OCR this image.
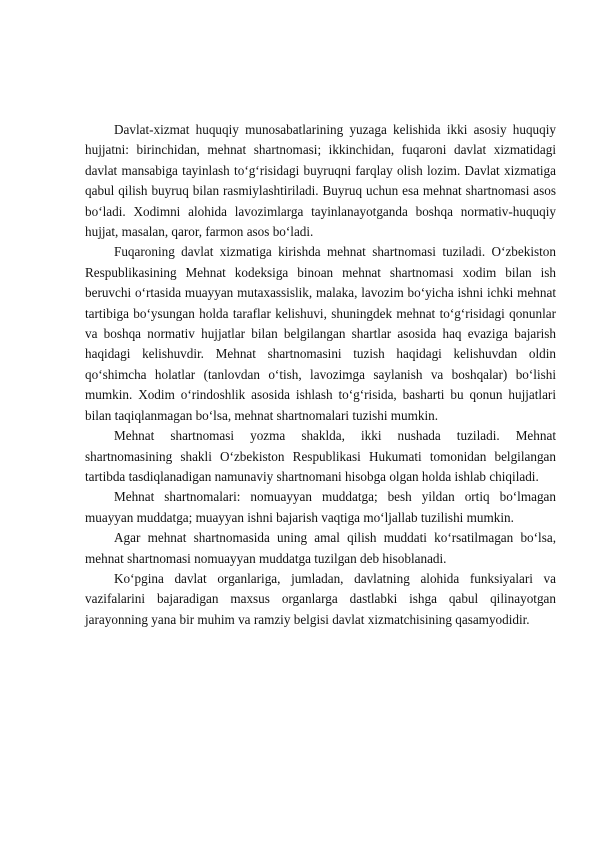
Davlat-xizmat huquqiy munosabatlarining yuzaga kelishida ikki asosiy huquqiy hujjatni: birinchidan, mehnat shartnomasi; ikkinchidan, fuqaroni davlat xizmatidagi davlat mansabiga tayinlash to‘g‘risidagi buyruqni farqlay olish lozim. Davlat xizmatiga qabul qilish buyruq bilan rasmiylashtiriladi. Buyruq uchun esa mehnat shartnomasi asos bo‘ladi. Xodimni alohida lavozimlarga tayinlanayotganda boshqa normativ-huquqiy hujjat, masalan, qaror, farmon asos bo‘ladi.

Fuqaroning davlat xizmatiga kirishda mehnat shartnomasi tuziladi. O‘zbekiston Respublikasining Mehnat kodeksiga binoan mehnat shartnomasi xodim bilan ish beruvchi o‘rtasida muayyan mutaxassislik, malaka, lavozim bo‘yicha ishni ichki mehnat tartibiga bo‘ysungan holda taraflar kelishuvi, shuningdek mehnat to‘g‘risidagi qonunlar va boshqa normativ hujjatlar bilan belgilangan shartlar asosida haq evaziga bajarish haqidagi kelishuvdir. Mehnat shartnomasini tuzish haqidagi kelishuvdan oldin qo‘shimcha holatlar (tanlovdan o‘tish, lavozimga saylanish va boshqalar) bo‘lishi mumkin. Xodim o‘rindoshlik asosida ishlash to‘g‘risida, basharti bu qonun hujjatlari bilan taqiqlanmagan bo‘lsa, mehnat shartnomalari tuzishi mumkin.

Mehnat shartnomasi yozma shaklda, ikki nushada tuziladi. Mehnat shartnomasining shakli O‘zbekiston Respublikasi Hukumati tomonidan belgilangan tartibda tasdiqlanadigan namunaviy shartnomani hisobga olgan holda ishlab chiqiladi.

Mehnat shartnomalari: nomuayyan muddatga; besh yildan ortiq bo‘lmagan muayyan muddatga; muayyan ishni bajarish vaqtiga mo‘ljallab tuzilishi mumkin.

Agar mehnat shartnomasida uning amal qilish muddati ko‘rsatilmagan bo‘lsa, mehnat shartnomasi nomuayyan muddatga tuzilgan deb hisoblanadi.

Ko‘pgina davlat organlariga, jumladan, davlatning alohida funksiyalari va vazifalarini bajaradigan maxsus organlarga dastlabki ishga qabul qilinayotgan jarayonning yana bir muhim va ramziy belgisi davlat xizmatchisining qasamyodidir.
